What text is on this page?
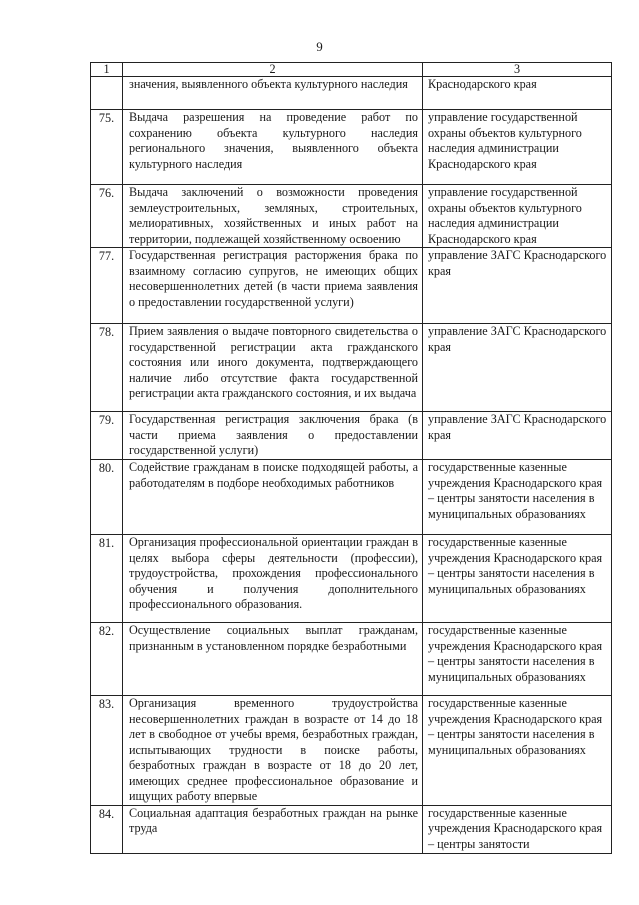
9
1	2	3
	значения, выявленного объекта культурного наследия	Краснодарского края
75.	Выдача разрешения на проведение работ по сохранению объекта культурного наследия регионального значения, выявленного объекта культурного наследия	управление государственной охраны объектов культурного наследия администрации Краснодарского края
76.	Выдача заключений о возможности проведения землеустроительных, земляных, строительных, мелиоративных, хозяйственных и иных работ на территории, подлежащей хозяйственному освоению	управление государственной охраны объектов культурного наследия администрации Краснодарского края
77.	Государственная регистрация расторжения брака по взаимному согласию супругов, не имеющих общих несовершеннолетних детей (в части приема заявления о предоставлении государственной услуги)	управление ЗАГС Краснодарского края
78.	Прием заявления о выдаче повторного свидетельства о государственной регистрации акта гражданского состояния или иного документа, подтверждающего наличие либо отсутствие факта государственной регистрации акта гражданского состояния, и их выдача	управление ЗАГС Краснодарского края
79.	Государственная регистрация заключения брака (в части приема заявления о предоставлении государственной услуги)	управление ЗАГС Краснодарского края
80.	Содействие гражданам в поиске подходящей работы, а работодателям в подборе необходимых работников	государственные казенные учреждения Краснодарского края – центры занятости населения в муниципальных образованиях
81.	Организация профессиональной ориентации граждан в целях выбора сферы деятельности (профессии), трудоустройства, прохождения профессионального обучения и получения дополнительного профессионального образования.	государственные казенные учреждения Краснодарского края – центры занятости населения в муниципальных образованиях
82.	Осуществление социальных выплат гражданам, признанным в установленном порядке безработными	государственные казенные учреждения Краснодарского края – центры занятости населения в муниципальных образованиях
83.	Организация временного трудоустройства несовершеннолетних граждан в возрасте от 14 до 18 лет в свободное от учебы время, безработных граждан, испытывающих трудности в поиске работы, безработных граждан в возрасте от 18 до 20 лет, имеющих среднее профессиональное образование и ищущих работу впервые	государственные казенные учреждения Краснодарского края – центры занятости населения в муниципальных образованиях
84.	Социальная адаптация безработных граждан на рынке труда	государственные казенные учреждения Краснодарского края – центры занятости
